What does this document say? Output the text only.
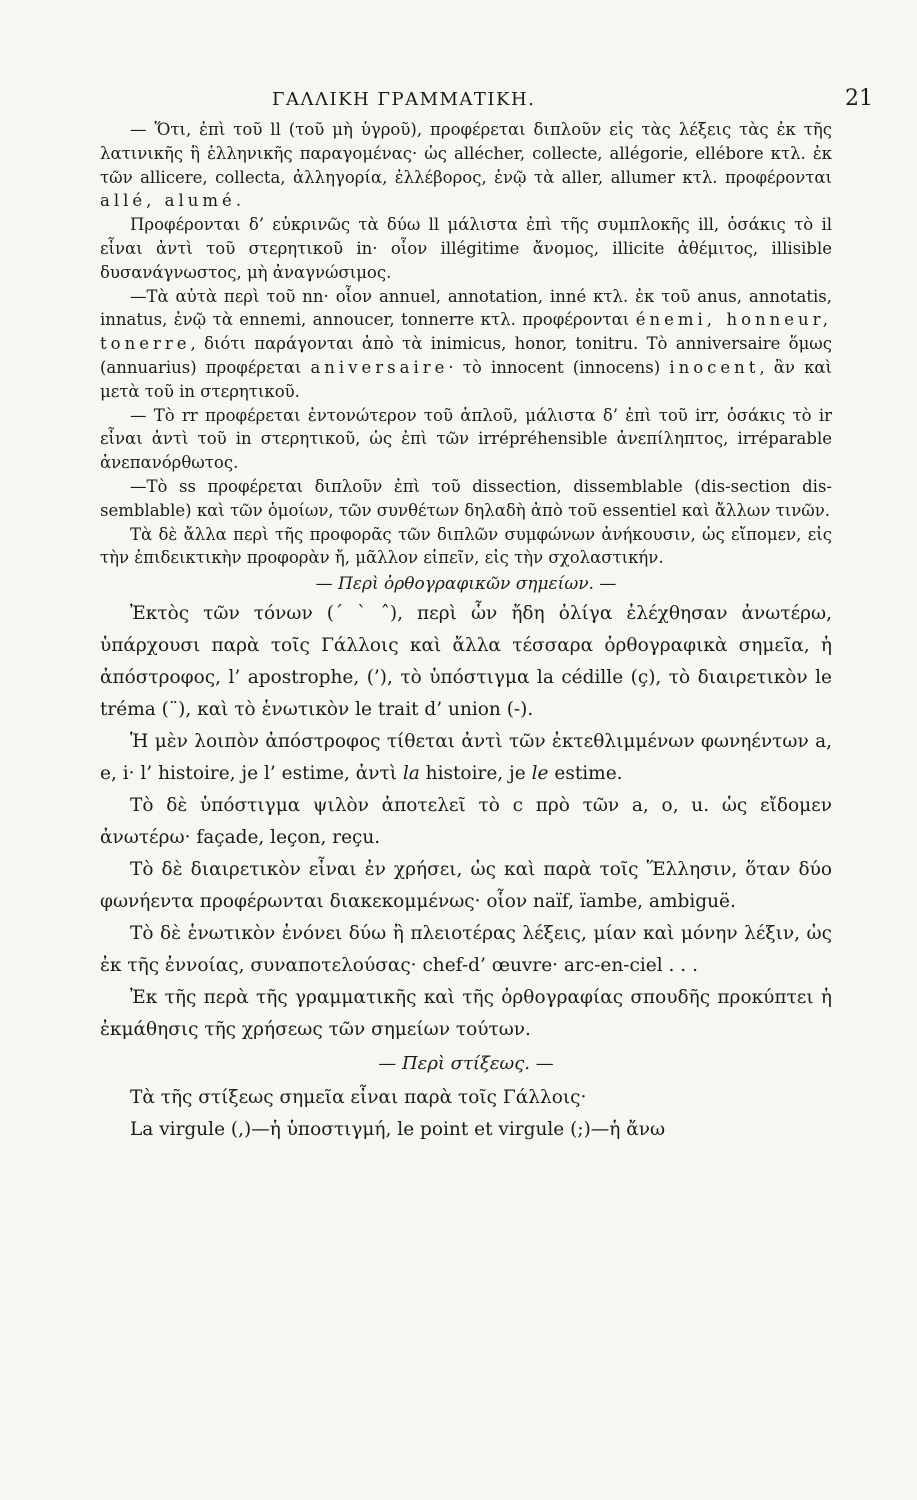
ΓΑΛΛΙΚΗ ΓΡΑΜΜΑΤΙΚΗ.	21

— Ὅτι, ἐπὶ τοῦ ll (τοῦ μὴ ὑγροῦ), προφέρεται διπλοῦν εἰς τὰς λέξεις τὰς ἐκ τῆς λατινικῆς ἢ ἑλληνικῆς παραγομένας· ὡς allécher, collecte, allégorie, ellébore κτλ. ἐκ τῶν allicere, collecta, ἀλληγορία, ἐλλέβορος, ἐνῷ τὰ aller, allumer κτλ. προφέρονται allé, alumé.

Προφέρονται δ’ εὐκρινῶς τὰ δύω ll μάλιστα ἐπὶ τῆς συμπλοκῆς ill, ὁσάκις τὸ il εἶναι ἀντὶ τοῦ στερητικοῦ in· οἷον illégitime ἄνομος, illicite ἀθέμιτος, illisible δυσανάγνωστος, μὴ ἀναγνώσιμος.

—Τὰ αὐτὰ περὶ τοῦ nn· οἷον annuel, annotation, inné κτλ. ἐκ τοῦ anus, annotatis, innatus, ἐνῷ τὰ ennemi, annoucer, tonnerre κτλ. προφέρονται énemi, honneur, tonerre, διότι παράγονται ἀπὸ τὰ inimicus, honor, tonitru. Τὸ anniversaire ὅμως (annuarius) προφέρεται aniversaire· τὸ innocent (innocens) inocent, ἂν καὶ μετὰ τοῦ in στερητικοῦ.

— Τὸ rr προφέρεται ἐντονώτερον τοῦ ἁπλοῦ, μάλιστα δ’ ἐπὶ τοῦ irr, ὁσάκις τὸ ir εἶναι ἀντὶ τοῦ in στερητικοῦ, ὡς ἐπὶ τῶν irrépréhensible ἀνεπίληπτος, irréparable ἀνεπανόρθωτος.

—Τὸ ss προφέρεται διπλοῦν ἐπὶ τοῦ dissection, dissemblable (dis-section dis-semblable) καὶ τῶν ὁμοίων, τῶν συνθέτων δηλαδὴ ἀπὸ τοῦ essentiel καὶ ἄλλων τινῶν.

Τὰ δὲ ἄλλα περὶ τῆς προφορᾶς τῶν διπλῶν συμφώνων ἀνήκουσιν, ὡς εἴπομεν, εἰς τὴν ἐπιδεικτικὴν προφορὰν ἤ, μᾶλλον εἰπεῖν, εἰς τὴν σχολαστικήν.

— Περὶ ὀρθογραφικῶν σημείων. —

Ἐκτὸς τῶν τόνων (´ ` ˆ), περὶ ὧν ἤδη ὀλίγα ἐλέχθησαν ἀνωτέρω, ὑπάρχουσι παρὰ τοῖς Γάλλοις καὶ ἄλλα τέσσαρα ὀρθογραφικὰ σημεῖα, ἡ ἀπόστροφος, l’ apostrophe, (’), τὸ ὑπόστιγμα la cédille (ç), τὸ διαιρετικὸν le tréma (¨), καὶ τὸ ἑνωτικὸν le trait d’ union (-).

Ἡ μὲν λοιπὸν ἀπόστροφος τίθεται ἀντὶ τῶν ἐκτεθλιμμένων φωνηέντων a, e, i· l’ histoire, je l’ estime, ἀντὶ la histoire, je le estime.

Τὸ δὲ ὑπόστιγμα ψιλὸν ἀποτελεῖ τὸ c πρὸ τῶν a, o, u. ὡς εἴδομεν ἀνωτέρω· façade, leçon, reçu.

Τὸ δὲ διαιρετικὸν εἶναι ἐν χρήσει, ὡς καὶ παρὰ τοῖς Ἕλλησιν, ὅταν δύο φωνήεντα προφέρωνται διακεκομμένως· οἷον naïf, ïambe, ambiguë.

Τὸ δὲ ἑνωτικὸν ἑνόνει δύω ἢ πλειοτέρας λέξεις, μίαν καὶ μόνην λέξιν, ὡς ἐκ τῆς ἐννοίας, συναποτελούσας· chef-d’ œuvre· arc-en-ciel . . .

Ἐκ τῆς περὰ τῆς γραμματικῆς καὶ τῆς ὀρθογραφίας σπουδῆς προκύπτει ἡ ἐκμάθησις τῆς χρήσεως τῶν σημείων τούτων.

— Περὶ στίξεως. —

Τὰ τῆς στίξεως σημεῖα εἶναι παρὰ τοῖς Γάλλοις·

La virgule (,)—ἡ ὑποστιγμή, le point et virgule (;)—ἡ ἄνω
